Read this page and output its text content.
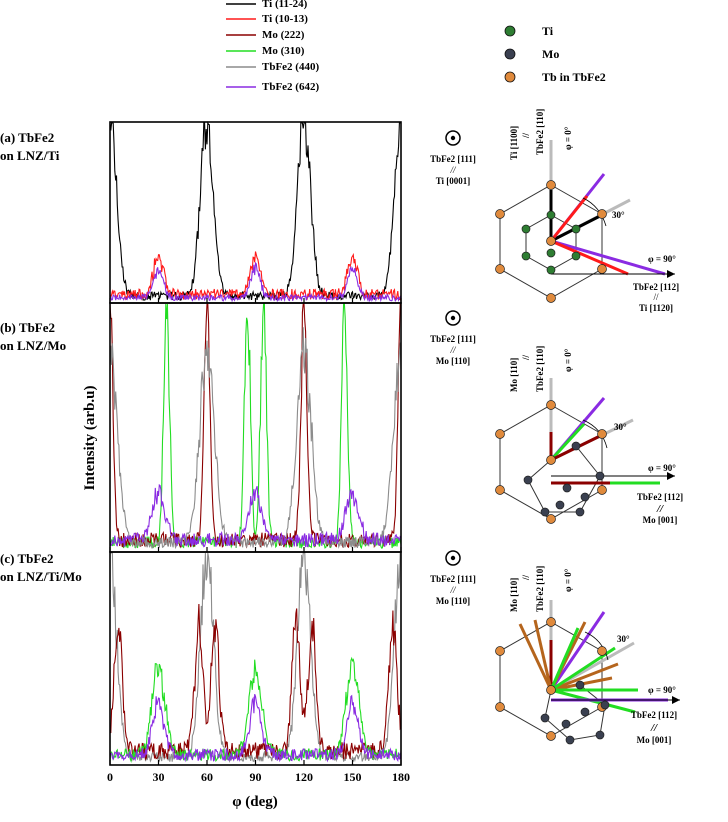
Ti (11-24)
Ti (10-13)
Mo (222)
Mo (310)
TbFe2 (440)
TbFe2 (642)
Ti
Mo
Tb in TbFe2
(a) TbFe2
on LNZ/Ti
(b) TbFe2
on LNZ/Mo
(c) TbFe2
on LNZ/Ti/Mo
Intensity (arb.u)
0	30	60	90	120	150	180
φ (deg)
TbFe2 [111]
//
Ti [0001]
Ti [1100] // TbFe2 [110] φ = 0°
30°
φ = 90°
TbFe2 [112]
//
Ti [1120]
TbFe2 [111]
//
Mo [110]	Mo [110]
// TbFe2 [110] φ = 0°
30°
φ = 90°
TbFe2 [112]
//
Mo [001]
TbFe2 [111]
//
Mo [110]	Mo [110]
// TbFe2 [110] φ = 0°
30°
φ = 90°
TbFe2 [112]
//
Mo [001]
